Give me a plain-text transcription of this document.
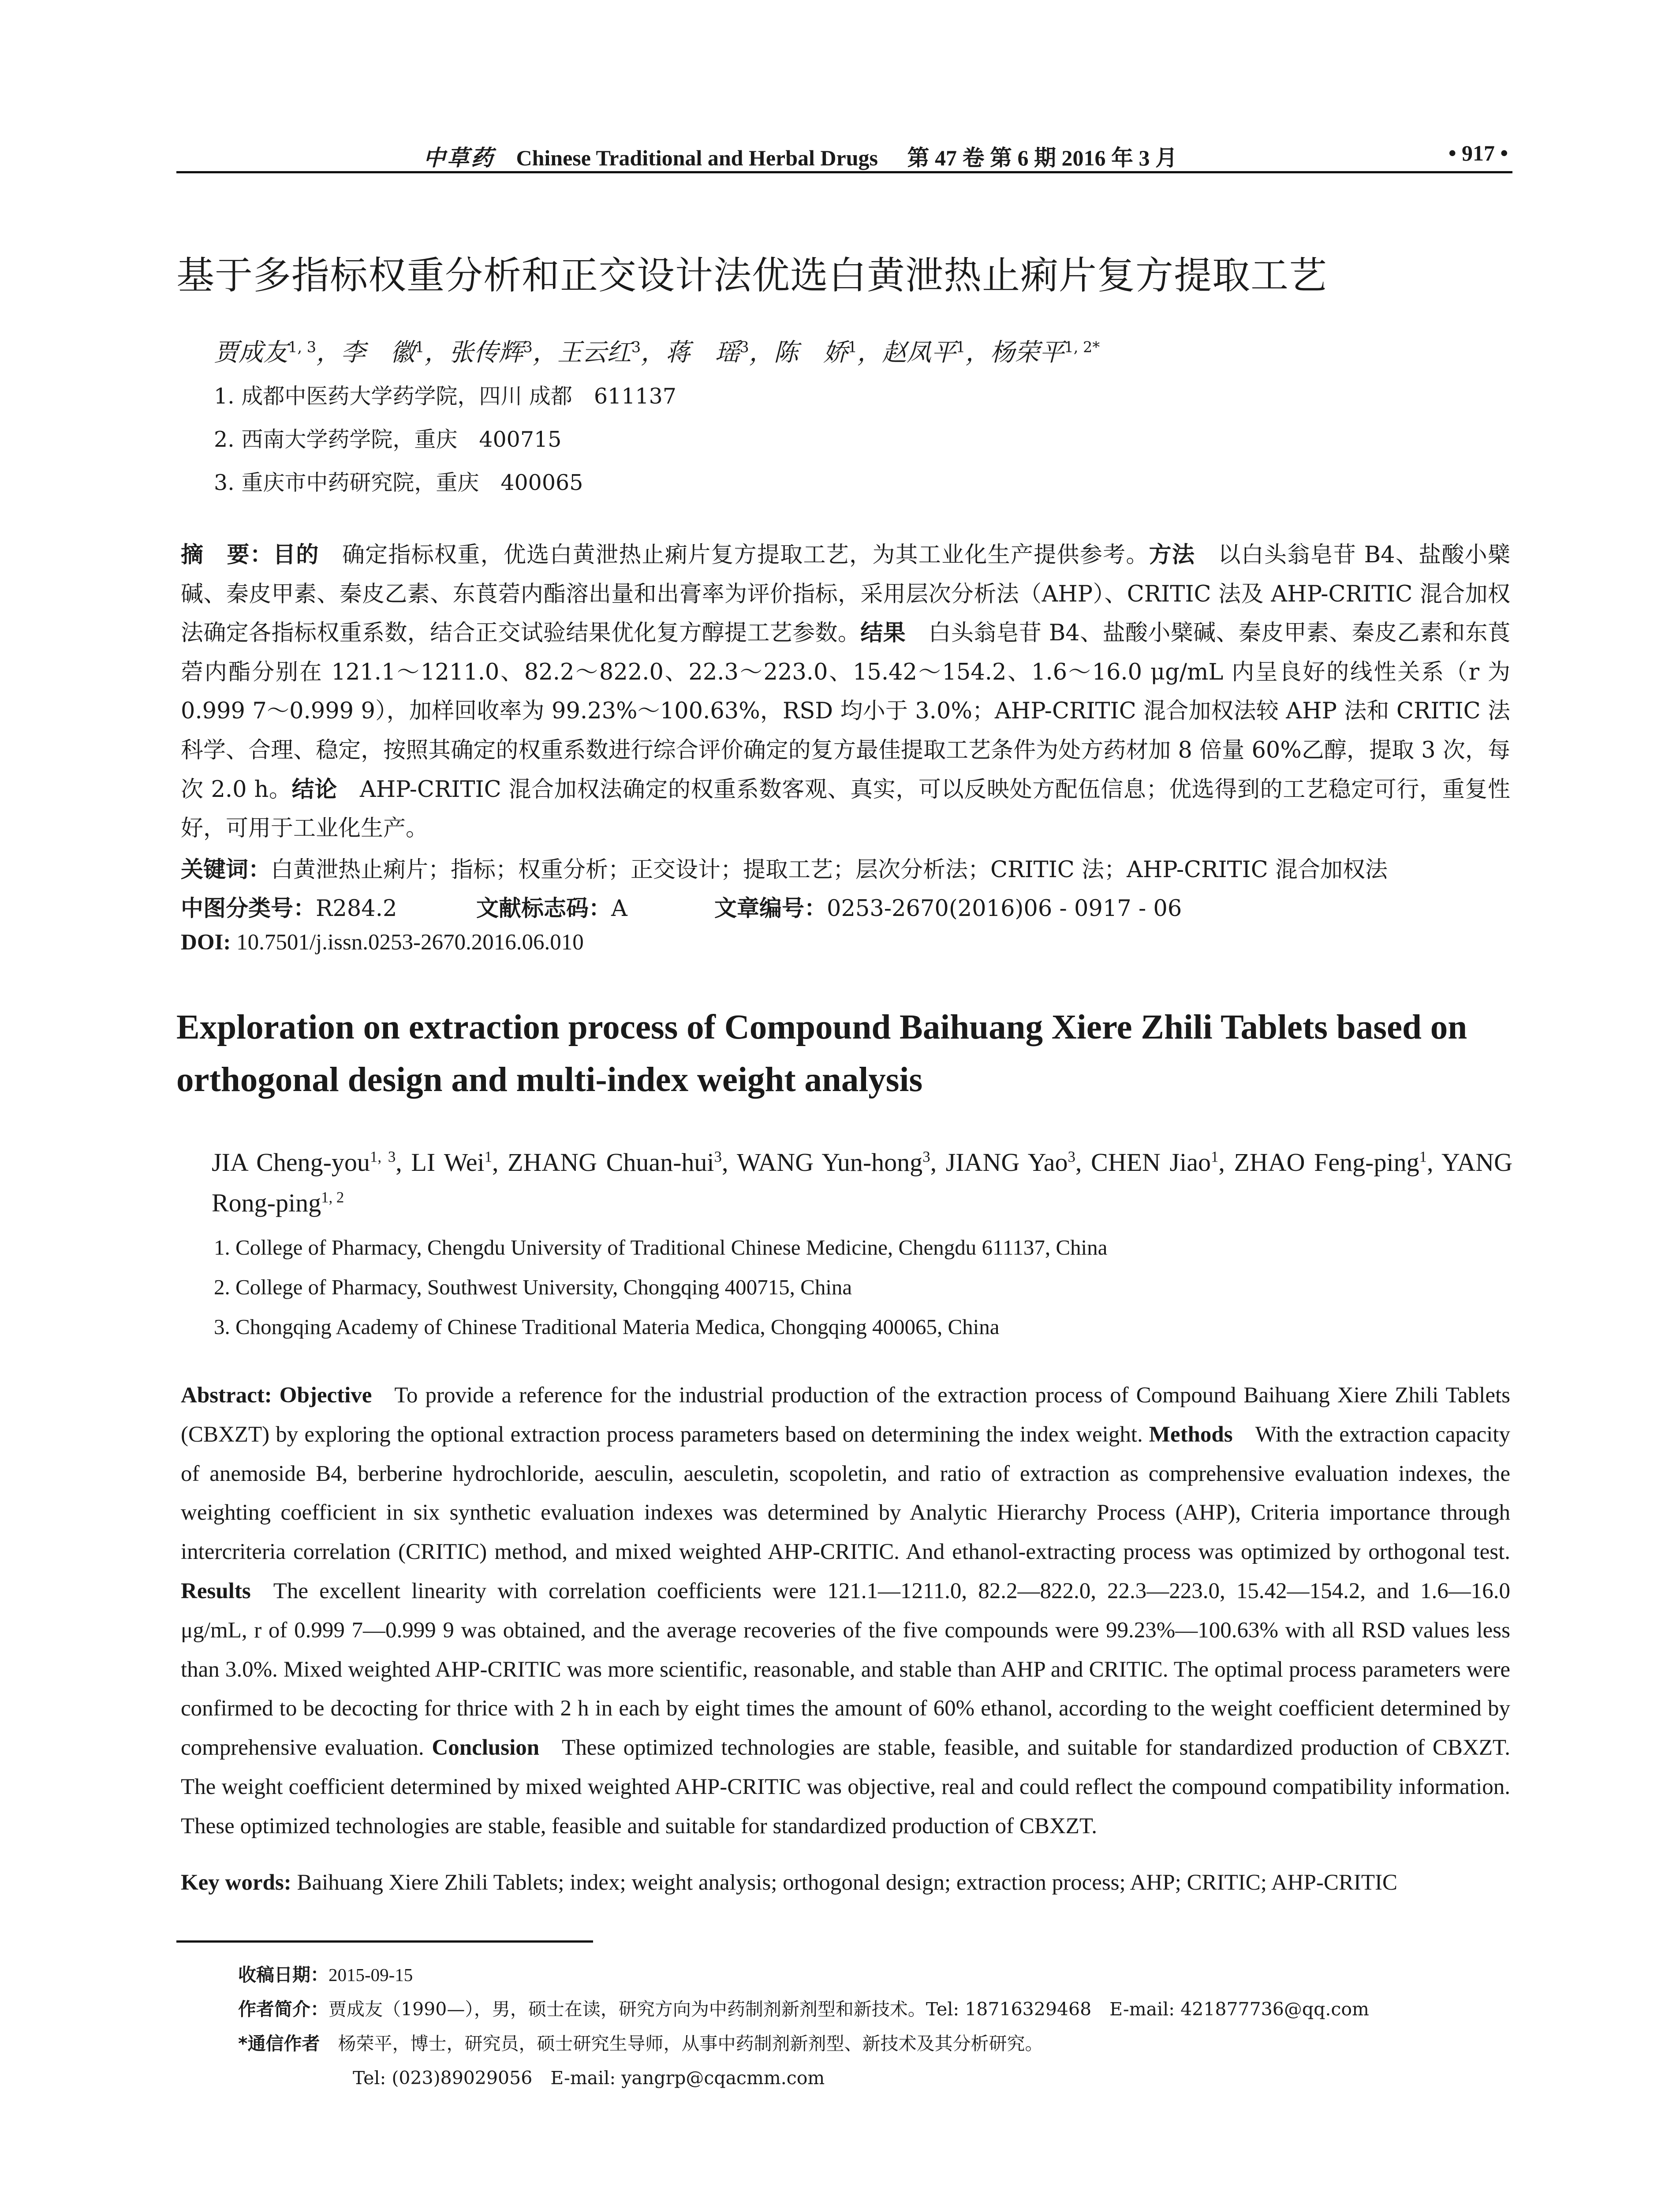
中草药 Chinese Traditional and Herbal Drugs 第 47 卷 第 6 期 2016 年 3 月	• 917 •
基于多指标权重分析和正交设计法优选白黄泄热止痢片复方提取工艺
贾成友$^{1, 3}$，李　徽$^1$，张传辉$^3$，王云红$^3$，蒋　瑶$^3$，陈　娇$^1$，赵凤平$^1$，杨荣平$^{1, 2*}$
1. 成都中医药大学药学院，四川 成都　611137
2. 西南大学药学院，重庆　400715
3. 重庆市中药研究院，重庆　400065
摘　要：目的  确定指标权重，优选白黄泄热止痢片复方提取工艺，为其工业化生产提供参考。方法  以白头翁皂苷 B4、盐酸小檗碱、秦皮甲素、秦皮乙素、东莨菪内酯溶出量和出膏率为评价指标，采用层次分析法（AHP）、CRITIC 法及 AHP-CRITIC 混合加权法确定各指标权重系数，结合正交试验结果优化复方醇提工艺参数。结果  白头翁皂苷 B4、盐酸小檗碱、秦皮甲素、秦皮乙素和东莨菪内酯分别在 121.1～1211.0、82.2～822.0、22.3～223.0、15.42～154.2、1.6～16.0 μg/mL 内呈良好的线性关系（r 为 0.999 7～0.999 9），加样回收率为 99.23%～100.63%，RSD 均小于 3.0%；AHP-CRITIC 混合加权法较 AHP 法和 CRITIC 法科学、合理、稳定，按照其确定的权重系数进行综合评价确定的复方最佳提取工艺条件为处方药材加 8 倍量 60%乙醇，提取 3 次，每次 2.0 h。结论  AHP-CRITIC 混合加权法确定的权重系数客观、真实，可以反映处方配伍信息；优选得到的工艺稳定可行，重复性好，可用于工业化生产。
关键词：白黄泄热止痢片；指标；权重分析；正交设计；提取工艺；层次分析法；CRITIC 法；AHP-CRITIC 混合加权法
中图分类号：R284.2	文献标志码：A	文章编号：0253-2670(2016)06 - 0917 - 06
DOI: 10.7501/j.issn.0253-2670.2016.06.010
Exploration on extraction process of Compound Baihuang Xiere Zhili Tablets based on orthogonal design and multi-index weight analysis
JIA Cheng-you$^{1, 3}$, LI Wei$^1$, ZHANG Chuan-hui$^3$, WANG Yun-hong$^3$, JIANG Yao$^3$, CHEN Jiao$^1$, ZHAO Feng-ping$^1$, YANG Rong-ping$^{1, 2}$
1. College of Pharmacy, Chengdu University of Traditional Chinese Medicine, Chengdu 611137, China
2. College of Pharmacy, Southwest University, Chongqing 400715, China
3. Chongqing Academy of Chinese Traditional Materia Medica, Chongqing 400065, China
Abstract: Objective  To provide a reference for the industrial production of the extraction process of Compound Baihuang Xiere Zhili Tablets (CBXZT) by exploring the optional extraction process parameters based on determining the index weight. Methods  With the extraction capacity of anemoside B4, berberine hydrochloride, aesculin, aesculetin, scopoletin, and ratio of extraction as comprehensive evaluation indexes, the weighting coefficient in six synthetic evaluation indexes was determined by Analytic Hierarchy Process (AHP), Criteria importance through intercriteria correlation (CRITIC) method, and mixed weighted AHP-CRITIC. And ethanol-extracting process was optimized by orthogonal test. Results  The excellent linearity with correlation coefficients were 121.1—1211.0, 82.2—822.0, 22.3—223.0, 15.42—154.2, and 1.6—16.0 μg/mL, r of 0.999 7—0.999 9 was obtained, and the average recoveries of the five compounds were 99.23%—100.63% with all RSD values less than 3.0%. Mixed weighted AHP-CRITIC was more scientific, reasonable, and stable than AHP and CRITIC. The optimal process parameters were confirmed to be decocting for thrice with 2 h in each by eight times the amount of 60% ethanol, according to the weight coefficient determined by comprehensive evaluation. Conclusion  These optimized technologies are stable, feasible, and suitable for standardized production of CBXZT. The weight coefficient determined by mixed weighted AHP-CRITIC was objective, real and could reflect the compound compatibility information. These optimized technologies are stable, feasible and suitable for standardized production of CBXZT.
Key words: Baihuang Xiere Zhili Tablets; index; weight analysis; orthogonal design; extraction process; AHP; CRITIC; AHP-CRITIC
收稿日期：2015-09-15
作者简介：贾成友（1990—），男，硕士在读，研究方向为中药制剂新剂型和新技术。Tel: 18716329468　E-mail: 421877736@qq.com
*通信作者  杨荣平，博士，研究员，硕士研究生导师，从事中药制剂新剂型、新技术及其分析研究。
Tel: (023)89029056　E-mail: yangrp@cqacmm.com
